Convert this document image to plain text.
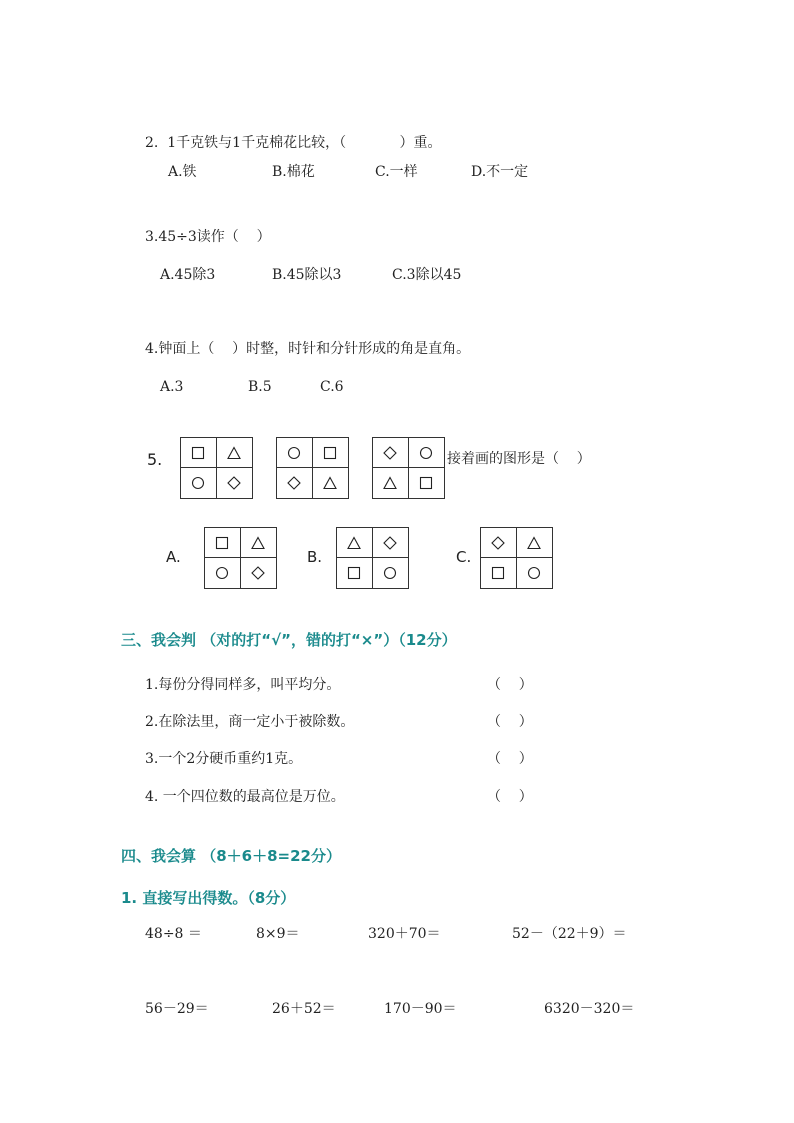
2.  1千克铁与1千克棉花比较，（            ）重。
A.铁	B.棉花	C.一样	D.不一定
3.45÷3读作（    ）
A.45除3	B.45除以3	C.3除以45
4.钟面上（    ）时整，时针和分针形成的角是直角。
A.3	B.5	C.6
5.	接着画的图形是（    ）
A.	B.	C.
三、我会判 （对的打“√”，错的打“×”）（12分）
1.每份分得同样多，叫平均分。	（    ）
2.在除法里，商一定小于被除数。	（    ）
3.一个2分硬币重约1克。	（    ）
4. 一个四位数的最高位是万位。	（    ）
四、我会算 （8＋6＋8=22分）
1. 直接写出得数。（8分）
48÷8 ＝	8×9＝	320＋70＝	52－（22＋9）＝
56－29＝	26＋52＝	170－90＝	6320－320＝
